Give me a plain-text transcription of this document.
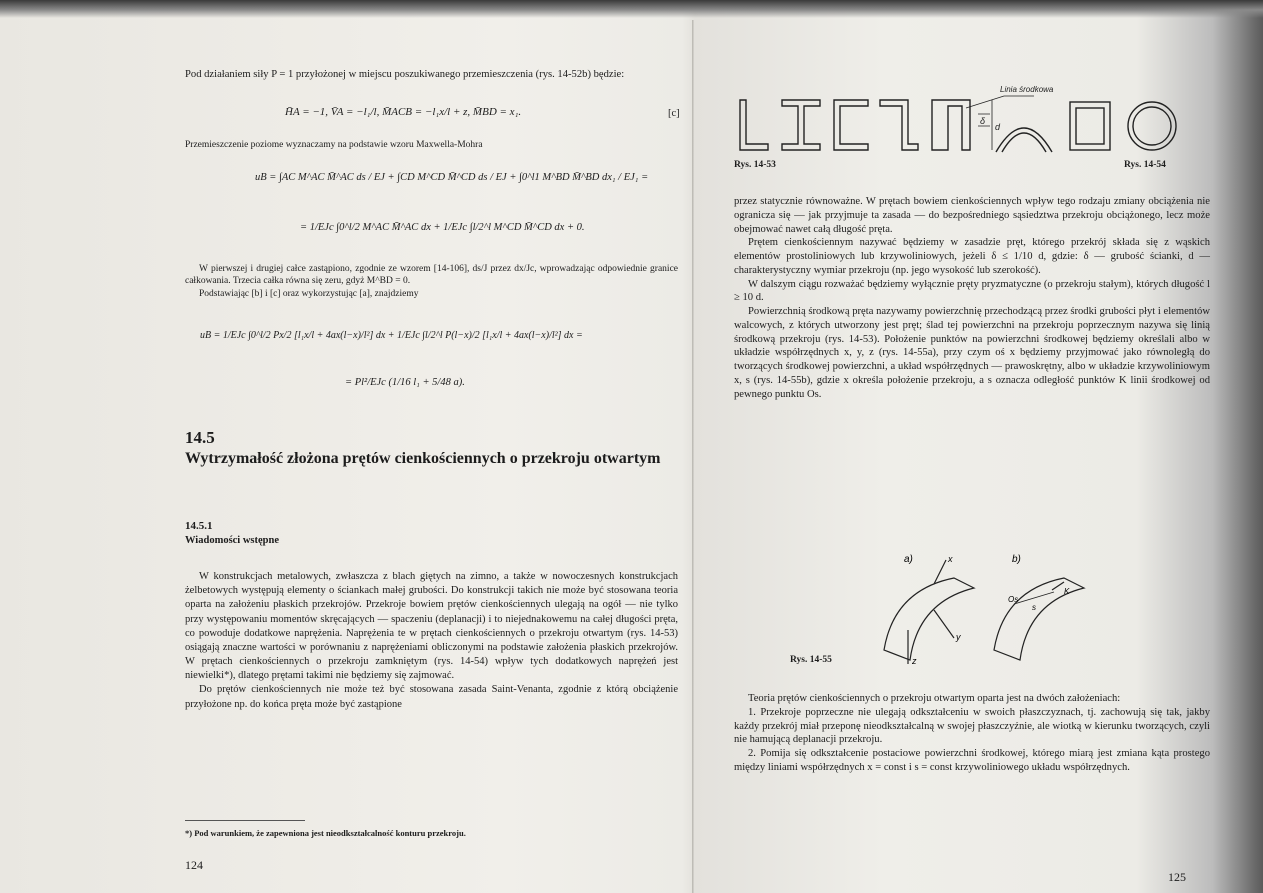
Pod działaniem siły P = 1 przyłożonej w miejscu poszukiwanego przemieszczenia (rys. 14-52b) będzie:

H̄A = −1, V̄A = −l₁/l, M̄ACB = −l₁x/l + z, M̄BD = x₁.	[c]

Przemieszczenie poziome wyznaczamy na podstawie wzoru Maxwella-Mohra

uB = ∫AC M^AC M̄^AC ds / EJ + ∫CD M^CD M̄^CD ds / EJ + ∫0^l1 M^BD M̄^BD dx₁ / EJ₁ =
= 1/EJc ∫0^l/2 M^AC M̄^AC dx + 1/EJc ∫l/2^l M^CD M̄^CD dx + 0.

W pierwszej i drugiej całce zastąpiono, zgodnie ze wzorem [14-106], ds/J przez dx/Jc, wprowadzając odpowiednie granice całkowania. Trzecia całka równa się zeru, gdyż M^BD = 0.

Podstawiając [b] i [c] oraz wykorzystując [a], znajdziemy

uB = 1/EJc ∫0^l/2 Px/2 [l₁x/l + 4ax(l−x)/l²] dx + 1/EJc ∫l/2^l P(l−x)/2 [l₁x/l + 4ax(l−x)/l²] dx =
= Pl²/EJc (1/16 l₁ + 5/48 a).
14.5
Wytrzymałość złożona prętów cienkościennych o przekroju otwartym
14.5.1
Wiadomości wstępne

W konstrukcjach metalowych, zwłaszcza z blach giętych na zimno, a także w nowoczesnych konstrukcjach żelbetowych występują elementy o ściankach małej grubości. Do konstrukcji takich nie może być stosowana teoria oparta na założeniu płaskich przekrojów. Przekroje bowiem prętów cienkościennych ulegają na ogół — nie tylko przy występowaniu momentów skręcających — spaczeniu (deplanacji) i to niejednakowemu na całej długości pręta, co powoduje dodatkowe naprężenia. Naprężenia te w prętach cienkościennych o przekroju otwartym (rys. 14-53) osiągają znaczne wartości w porównaniu z naprężeniami obliczonymi na podstawie założenia płaskich przekrojów. W prętach cienkościennych o przekroju zamkniętym (rys. 14-54) wpływ tych dodatkowych naprężeń jest niewielki*), dlatego prętami takimi nie będziemy się zajmować.

Do prętów cienkościennych nie może też być stosowana zasada Saint-Venanta, zgodnie z którą obciążenie przyłożone np. do końca pręta może być zastąpione

*) Pod warunkiem, że zapewniona jest nieodkształcalność konturu przekroju.
124
Linia środkowa
δ
d
Rys. 14-53	Rys. 14-54

przez statycznie równoważne. W prętach bowiem cienkościennych wpływ tego rodzaju zmiany obciążenia nie ogranicza się — jak przyjmuje ta zasada — do bezpośredniego sąsiedztwa przekroju obciążonego, lecz może obejmować nawet całą długość pręta.

Prętem cienkościennym nazywać będziemy w zasadzie pręt, którego przekrój składa się z wąskich elementów prostoliniowych lub krzywoliniowych, jeżeli δ ≤ 1/10 d, gdzie: δ — grubość ścianki, d — charakterystyczny wymiar przekroju (np. jego wysokość lub szerokość).

W dalszym ciągu rozważać będziemy wyłącznie pręty pryzmatyczne (o przekroju stałym), których długość l ≥ 10 d.

Powierzchnią środkową pręta nazywamy powierzchnię przechodzącą przez środki grubości płyt i elementów walcowych, z których utworzony jest pręt; ślad tej powierzchni na przekroju poprzecznym nazywa się linią środkową przekroju (rys. 14-53). Położenie punktów na powierzchni środkowej będziemy określali albo w układzie współrzędnych x, y, z (rys. 14-55a), przy czym oś x będziemy przyjmować jako równoległą do tworzących środkowej powierzchni, a układ współrzędnych — prawoskrętny, albo w układzie krzywoliniowym x, s (rys. 14-55b), gdzie x określa położenie przekroju, a s oznacza odległość punktów K linii środkowej od pewnego punktu Os.

a)	b)
x
y
z
Os
s
K
Rys. 14-55

Teoria prętów cienkościennych o przekroju otwartym oparta jest na dwóch założeniach:

1. Przekroje poprzeczne nie ulegają odkształceniu w swoich płaszczyznach, tj. zachowują się tak, jakby każdy przekrój miał przeponę nieodkształcalną w swojej płaszczyźnie, ale wiotką w kierunku tworzących, czyli nie hamującą deplanacji przekroju.

2. Pomija się odkształcenie postaciowe powierzchni środkowej, którego miarą jest zmiana kąta prostego między liniami współrzędnych x = const i s = const krzywoliniowego układu współrzędnych.

125
